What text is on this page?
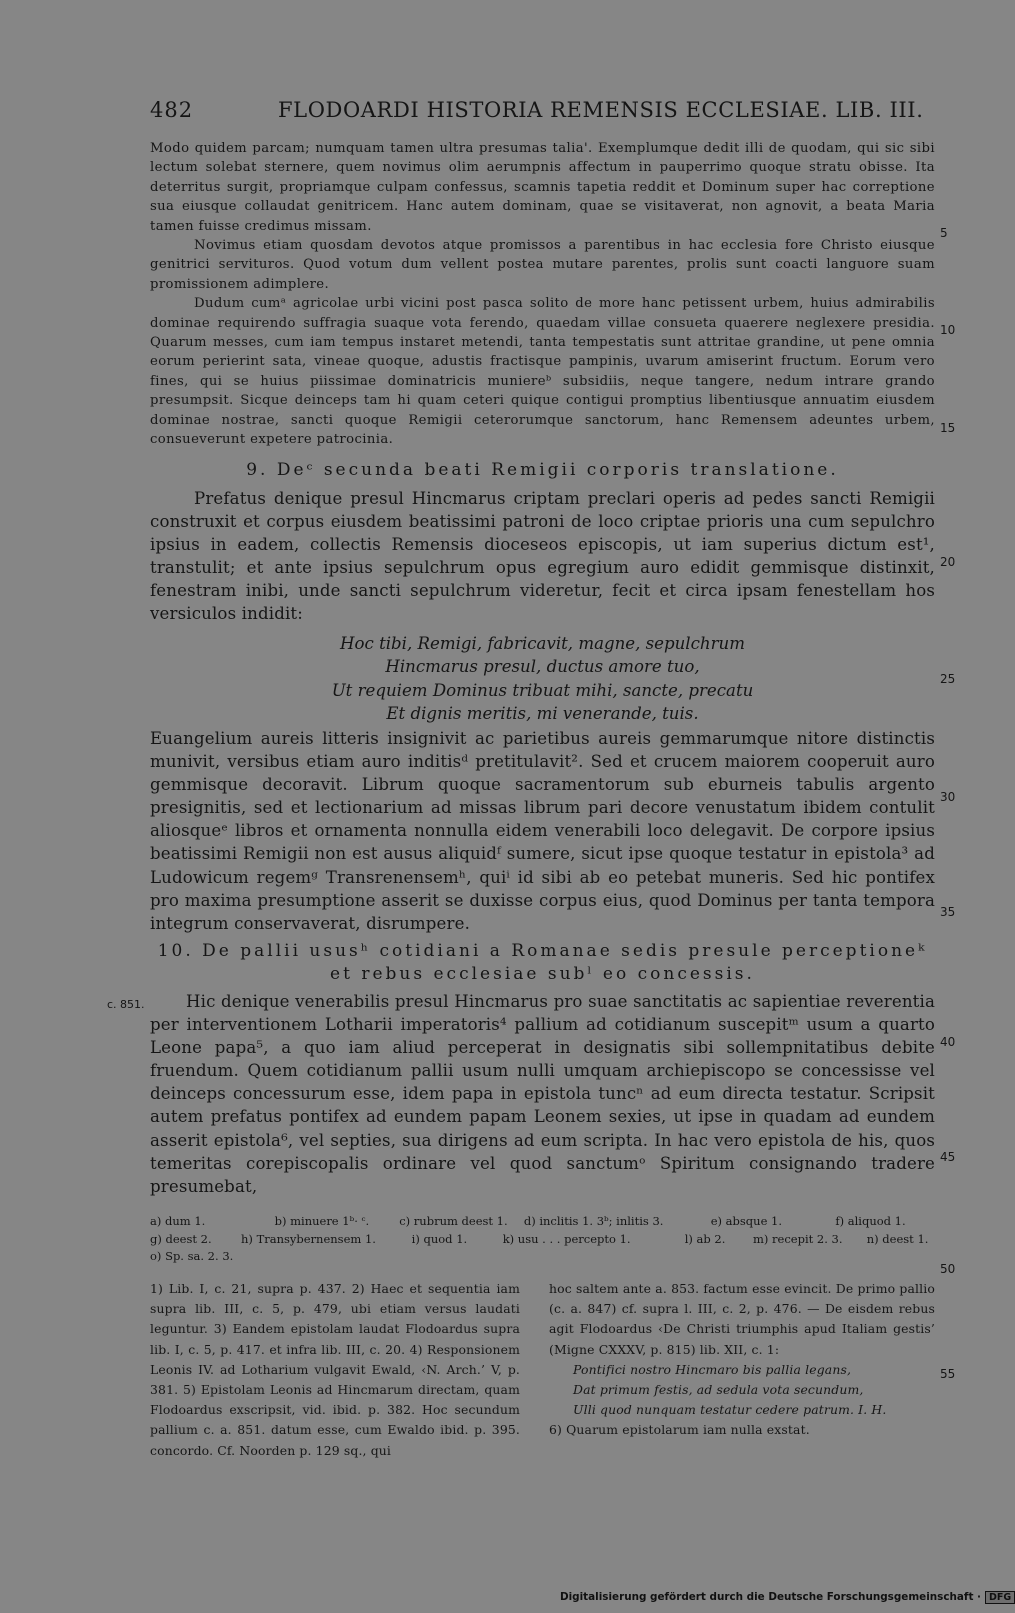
482	FLODOARDI HISTORIA REMENSIS ECCLESIAE. LIB. III.

Modo quidem parcam; numquam tamen ultra presumas talia'. Exemplumque dedit illi de quodam, qui sic sibi lectum solebat sternere, quem novimus olim aerumpnis affectum in pauperrimo quoque stratu obisse. Ita deterritus surgit, propriamque culpam confessus, scamnis tapetia reddit et Dominum super hac correptione sua eiusque collaudat genitricem. Hanc autem dominam, quae se visitaverat, non agnovit, a beata Maria tamen fuisse credimus missam.

Novimus etiam quosdam devotos atque promissos a parentibus in hac ecclesia fore Christo eiusque genitrici servituros. Quod votum dum vellent postea mutare parentes, prolis sunt coacti languore suam promissionem adimplere.

Dudum cumᵃ agricolae urbi vicini post pasca solito de more hanc petissent urbem, huius admirabilis dominae requirendo suffragia suaque vota ferendo, quaedam villae consueta quaerere neglexere presidia. Quarum messes, cum iam tempus instaret metendi, tanta tempestatis sunt attritae grandine, ut pene omnia eorum perierint sata, vineae quoque, adustis fractisque pampinis, uvarum amiserint fructum. Eorum vero fines, qui se huius piissimae dominatricis muniereᵇ subsidiis, neque tangere, nedum intrare grando presumpsit. Sicque deinceps tam hi quam ceteri quique contigui promptius libentiusque annuatim eiusdem dominae nostrae, sancti quoque Remigii ceterorumque sanctorum, hanc Remensem adeuntes urbem, consueverunt expetere patrocinia.

9. Deᶜ secunda beati Remigii corporis translatione.

Prefatus denique presul Hincmarus criptam preclari operis ad pedes sancti Remigii construxit et corpus eiusdem beatissimi patroni de loco criptae prioris una cum sepulchro ipsius in eadem, collectis Remensis dioceseos episcopis, ut iam superius dictum est¹, transtulit; et ante ipsius sepulchrum opus egregium auro edidit gemmisque distinxit, fenestram inibi, unde sancti sepulchrum videretur, fecit et circa ipsam fenestellam hos versiculos indidit:

Hoc tibi, Remigi, fabricavit, magne, sepulchrum
Hincmarus presul, ductus amore tuo,
Ut requiem Dominus tribuat mihi, sancte, precatu
Et dignis meritis, mi venerande, tuis.

Euangelium aureis litteris insignivit ac parietibus aureis gemmarumque nitore distinctis munivit, versibus etiam auro inditisᵈ pretitulavit². Sed et crucem maiorem cooperuit auro gemmisque decoravit. Librum quoque sacramentorum sub eburneis tabulis argento presignitis, sed et lectionarium ad missas librum pari decore venustatum ibidem contulit aliosqueᵉ libros et ornamenta nonnulla eidem venerabili loco delegavit. De corpore ipsius beatissimi Remigii non est ausus aliquidᶠ sumere, sicut ipse quoque testatur in epistola³ ad Ludowicum regemᵍ Transrenensemʰ, quiⁱ id sibi ab eo petebat muneris. Sed hic pontifex pro maxima presumptione asserit se duxisse corpus eius, quod Dominus per tanta tempora integrum conservaverat, disrumpere.

10. De pallii ususʰ cotidiani a Romanae sedis presule perceptioneᵏ
et rebus ecclesiae subˡ eo concessis.
c. 851.	Hic denique venerabilis presul Hincmarus pro suae sanctitatis ac sapientiae reverentia per interventionem Lotharii imperatoris⁴ pallium ad cotidianum suscepitᵐ usum a quarto Leone papa⁵, a quo iam aliud perceperat in designatis sibi sollempnitatibus debite fruendum. Quem cotidianum pallii usum nulli umquam archiepiscopo se concessisse vel deinceps concessurum esse, idem papa in epistola tuncⁿ ad eum directa testatur. Scripsit autem prefatus pontifex ad eundem papam Leonem sexies, ut ipse in quadam ad eundem asserit epistola⁶, vel septies, sua dirigens ad eum scripta. In hac vero epistola de his, quos temeritas corepiscopalis ordinare vel quod sanctumᵒ Spiritum consignando tradere presumebat,

5
10
15
20
25
30
35
40
45
50
55
a) dum 1.	b) minuere 1ᵇ· ᶜ.	c) rubrum deest 1.	d) inclitis 1. 3ᵇ; inlitis 3.	e) absque 1.	f) aliquod 1.
g) deest 2.	h) Transybernensem 1.	i) quod 1.	k) usu . . . percepto 1.	l) ab 2.	m) recepit 2. 3.	n) deest 1.
o) Sp. sa. 2. 3.

1) Lib. I, c. 21, supra p. 437. 2) Haec et sequentia iam supra lib. III, c. 5, p. 479, ubi etiam versus laudati leguntur. 3) Eandem epistolam laudat Flodoardus supra lib. I, c. 5, p. 417. et infra lib. III, c. 20. 4) Responsionem Leonis IV. ad Lotharium vulgavit Ewald, ‹N. Arch.’ V, p. 381. 5) Epistolam Leonis ad Hincmarum directam, quam Flodoardus exscripsit, vid. ibid. p. 382. Hoc secundum pallium c. a. 851. datum esse, cum Ewaldo ibid. p. 395. concordo. Cf. Noorden p. 129 sq., qui

hoc saltem ante a. 853. factum esse evincit. De primo pallio (c. a. 847) cf. supra l. III, c. 2, p. 476. — De eisdem rebus agit Flodoardus ‹De Christi triumphis apud Italiam gestis’ (Migne CXXXV, p. 815) lib. XII, c. 1:

Pontifici nostro Hincmaro bis pallia legans,

Dat primum festis, ad sedula vota secundum,

Ulli quod nunquam testatur cedere patrum. I. H.

6) Quarum epistolarum iam nulla exstat.

Digitalisierung gefördert durch die Deutsche Forschungsgemeinschaft · DFG
